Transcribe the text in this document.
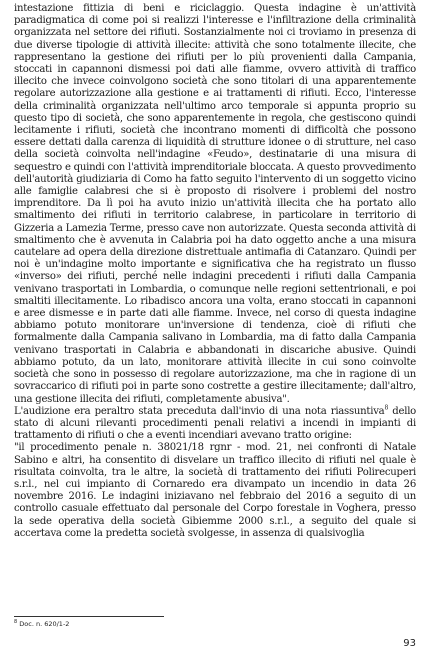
intestazione fittizia di beni e riciclaggio. Questa indagine è un'attività paradigmatica di come poi si realizzi l'interesse e l'infiltrazione della criminalità organizzata nel settore dei rifiuti. Sostanzialmente noi ci troviamo in presenza di due diverse tipologie di attività illecite: attività che sono totalmente illecite, che rappresentano la gestione dei rifiuti per lo più provenienti dalla Campania, stoccati in capannoni dismessi poi dati alle fiamme, ovvero attività di traffico illecito che invece coinvolgono società che sono titolari di una apparentemente regolare autorizzazione alla gestione e ai trattamenti di rifiuti. Ecco, l'interesse della criminalità organizzata nell'ultimo arco temporale si appunta proprio su questo tipo di società, che sono apparentemente in regola, che gestiscono quindi lecitamente i rifiuti, società che incontrano momenti di difficoltà che possono essere dettati dalla carenza di liquidità di strutture idonee o di strutture, nel caso della società coinvolta nell'indagine «Feudo», destinatarie di una misura di sequestro e quindi con l'attività imprenditoriale bloccata. A questo provvedimento dell'autorità giudiziaria di Como ha fatto seguito l'intervento di un soggetto vicino alle famiglie calabresi che si è proposto di risolvere i problemi del nostro imprenditore. Da lì poi ha avuto inizio un'attività illecita che ha portato allo smaltimento dei rifiuti in territorio calabrese, in particolare in territorio di Gizzeria a Lamezia Terme, presso cave non autorizzate. Questa seconda attività di smaltimento che è avvenuta in Calabria poi ha dato oggetto anche a una misura cautelare ad opera della direzione distrettuale antimafia di Catanzaro. Quindi per noi è un'indagine molto importante e significativa che ha registrato un flusso «inverso» dei rifiuti, perché nelle indagini precedenti i rifiuti dalla Campania venivano trasportati in Lombardia, o comunque nelle regioni settentrionali, e poi smaltiti illecitamente. Lo ribadisco ancora una volta, erano stoccati in capannoni e aree dismesse e in parte dati alle fiamme. Invece, nel corso di questa indagine abbiamo potuto monitorare un'inversione di tendenza, cioè di rifiuti che formalmente dalla Campania salivano in Lombardia, ma di fatto dalla Campania venivano trasportati in Calabria e abbandonati in discariche abusive. Quindi abbiamo potuto, da un lato, monitorare attività illecite in cui sono coinvolte società che sono in possesso di regolare autorizzazione, ma che in ragione di un sovraccarico di rifiuti poi in parte sono costrette a gestire illecitamente; dall'altro, una gestione illecita dei rifiuti, completamente abusiva".

L'audizione era peraltro stata preceduta dall'invio di una nota riassuntiva$^8$ dello stato di alcuni rilevanti procedimenti penali relativi a incendi in impianti di trattamento di rifiuti o che a eventi incendiari avevano tratto origine:

"il procedimento penale n. 38021/18 rgnr - mod. 21, nei confronti di Natale Sabino e altri, ha consentito di disvelare un traffico illecito di rifiuti nel quale è risultata coinvolta, tra le altre, la società di trattamento dei rifiuti Polirecuperi s.r.l., nel cui impianto di Cornaredo era divampato un incendio in data 26 novembre 2016. Le indagini iniziavano nel febbraio del 2016 a seguito di un controllo casuale effettuato dal personale del Corpo forestale in Voghera, presso la sede operativa della società Gibiemme 2000 s.r.l., a seguito del quale si accertava come la predetta società svolgesse, in assenza di qualsivoglia

$^8$ Doc. n. 620/1-2
93
